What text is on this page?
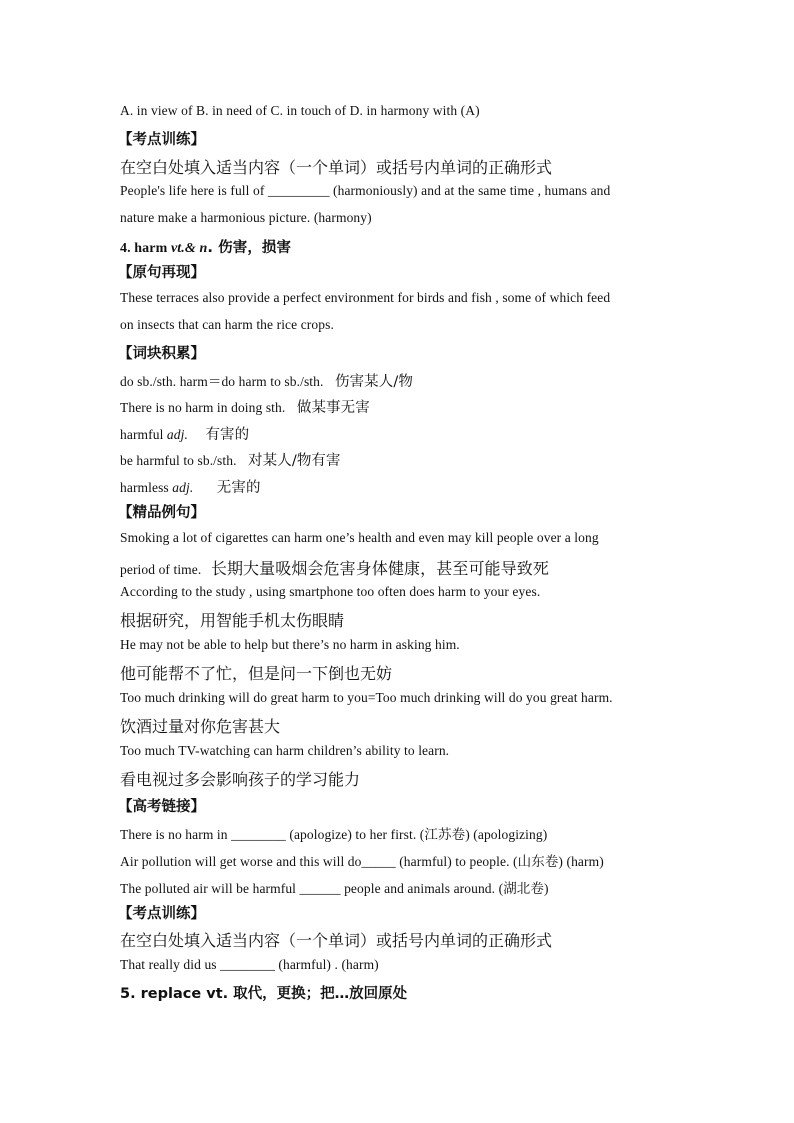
A. in view of B. in need of C. in touch of D. in harmony with (A)
【考点训练】
在空白处填入适当内容（一个单词）或括号内单词的正确形式
People's life here is full of _________ (harmoniously) and at the same time , humans and
nature make a harmonious picture. (harmony)
4. harm vt.& n. 伤害，损害
【原句再现】
These terraces also provide a perfect environment for birds and fish , some of which feed
on insects that can harm the rice crops.
【词块积累】
do sb./sth. harm＝do harm to sb./sth. 伤害某人/物
There is no harm in doing sth. 做某事无害
harmful adj. 有害的
be harmful to sb./sth. 对某人/物有害
harmless adj. 无害的
【精品例句】
Smoking a lot of cigarettes can harm one’s health and even may kill people over a long
period of time. 长期大量吸烟会危害身体健康，甚至可能导致死
According to the study , using smartphone too often does harm to your eyes.
根据研究，用智能手机太伤眼睛
He may not be able to help but there’s no harm in asking him.
他可能帮不了忙，但是问一下倒也无妨
Too much drinking will do great harm to you=Too much drinking will do you great harm.
饮酒过量对你危害甚大
Too much TV-watching can harm children’s ability to learn.
看电视过多会影响孩子的学习能力
【高考链接】
There is no harm in ________ (apologize) to her first. (江苏卷) (apologizing)
Air pollution will get worse and this will do_____ (harmful) to people. (山东卷) (harm)
The polluted air will be harmful ______ people and animals around. (湖北卷)
【考点训练】
在空白处填入适当内容（一个单词）或括号内单词的正确形式
That really did us ________ (harmful) . (harm)
5. replace vt. 取代，更换；把…放回原处
